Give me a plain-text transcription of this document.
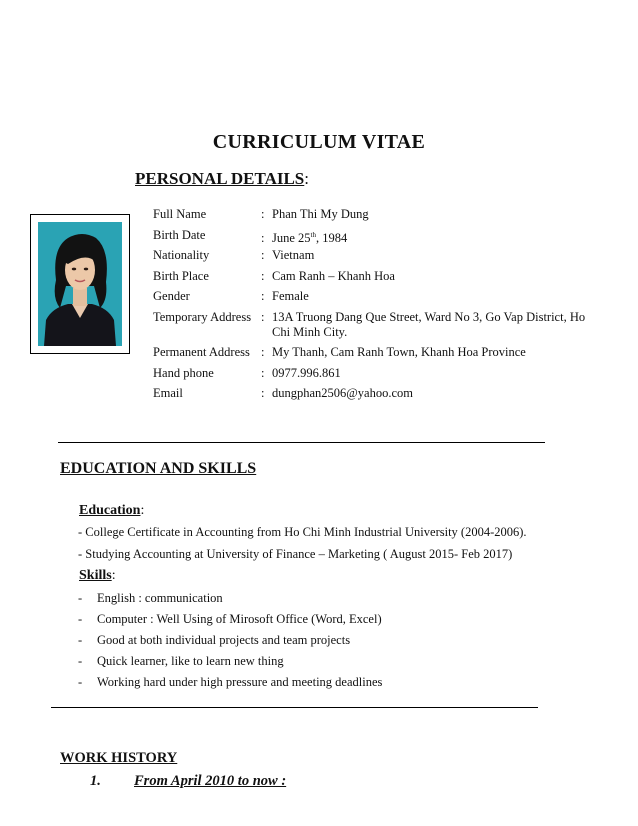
CURRICULUM VITAE
PERSONAL DETAILS:
Full Name	: Phan Thi My Dung
Birth Date	: June 25th, 1984
Nationality	: Vietnam
Birth Place	: Cam Ranh – Khanh Hoa
Gender	: Female
Temporary Address : 13A Truong Dang Que Street, Ward No 3, Go Vap District, Ho Chi Minh City.
Permanent Address : My Thanh, Cam Ranh Town, Khanh Hoa Province
Hand phone	: 0977.996.861
Email	: dungphan2506@yahoo.com
EDUCATION AND SKILLS
Education:
- College Certificate in Accounting from Ho Chi Minh Industrial University (2004-2006).
- Studying Accounting at University of Finance – Marketing ( August 2015- Feb 2017)
Skills:
- English : communication
- Computer : Well Using of Mirosoft Office (Word, Excel)
- Good at both individual projects and team projects
- Quick learner, like to learn new thing
- Working hard under high pressure and meeting deadlines
WORK HISTORY
1. From April 2010 to now :
